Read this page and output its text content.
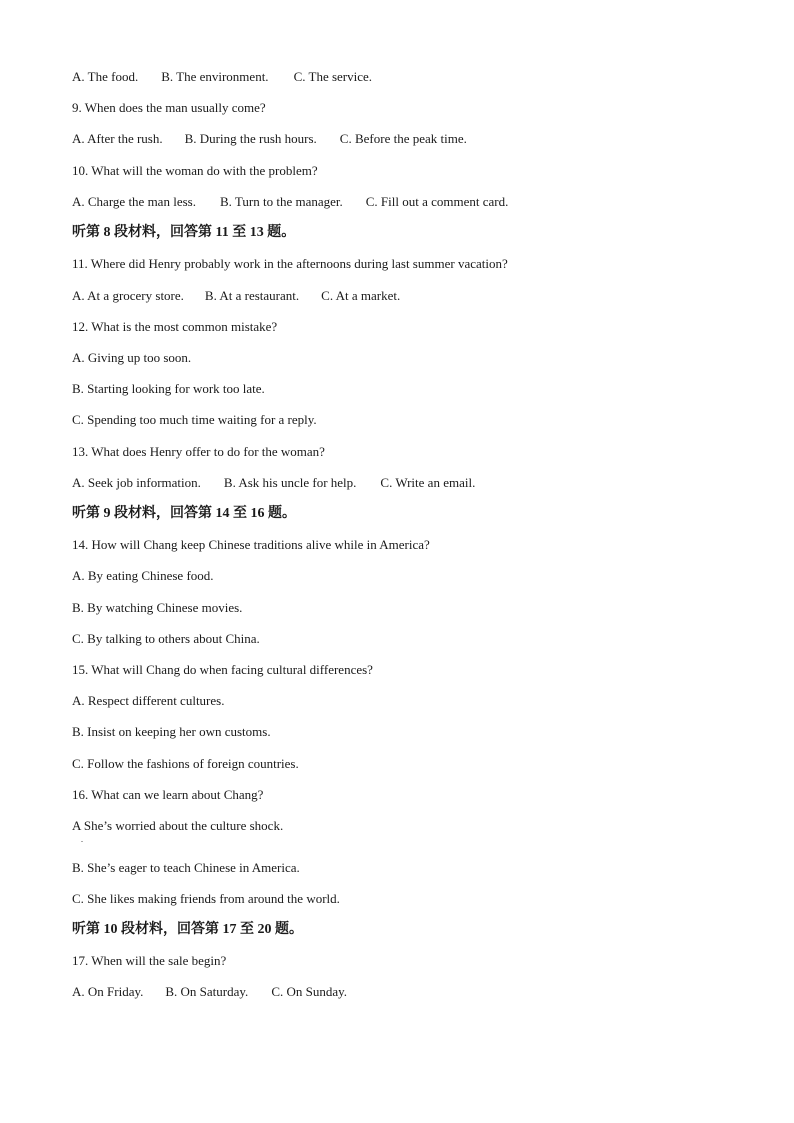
A. The food. B. The environment. C. The service.
9. When does the man usually come?
A. After the rush. B. During the rush hours. C. Before the peak time.
10. What will the woman do with the problem?
A. Charge the man less. B. Turn to the manager. C. Fill out a comment card.
听第 8 段材料，回答第 11 至 13 题。
11. Where did Henry probably work in the afternoons during last summer vacation?
A. At a grocery store. B. At a restaurant. C. At a market.
12. What is the most common mistake?
A. Giving up too soon.
B. Starting looking for work too late.
C. Spending too much time waiting for a reply.
13. What does Henry offer to do for the woman?
A. Seek job information. B. Ask his uncle for help. C. Write an email.
听第 9 段材料，回答第 14 至 16 题。
14. How will Chang keep Chinese traditions alive while in America?
A. By eating Chinese food.
B. By watching Chinese movies.
C. By talking to others about China.
15. What will Chang do when facing cultural differences?
A. Respect different cultures.
B. Insist on keeping her own customs.
C. Follow the fashions of foreign countries.
16. What can we learn about Chang?
A She’s worried about the culture shock.
B. She’s eager to teach Chinese in America.
C. She likes making friends from around the world.
听第 10 段材料，回答第 17 至 20 题。
17. When will the sale begin?
A. On Friday. B. On Saturday. C. On Sunday.
.
